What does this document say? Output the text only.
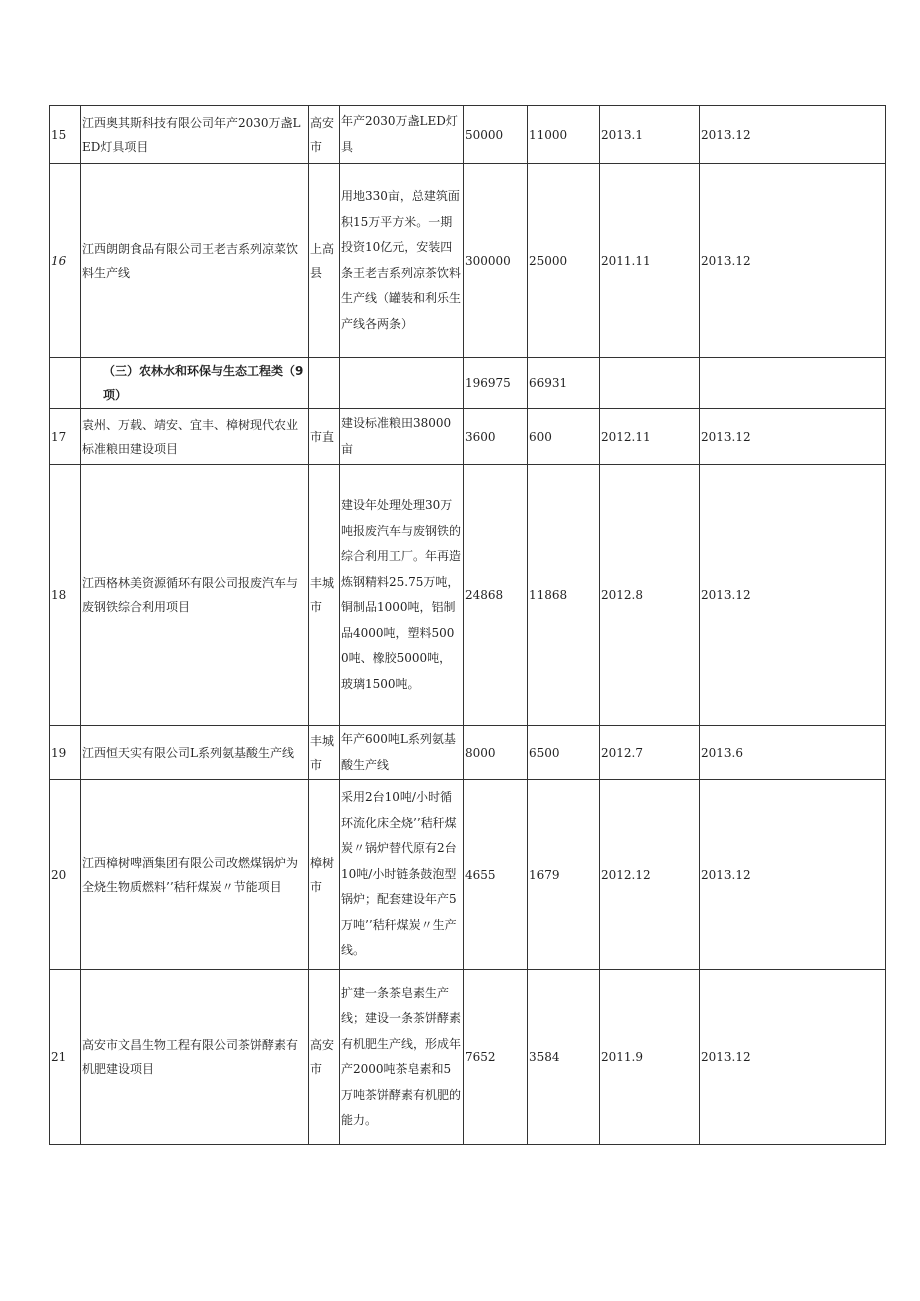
15	江西奥其斯科技有限公司年产2030万盏LED灯具项目	高安市	年产2030万盏LED灯具	50000	11000	2013.1	2013.12
16	江西朗朗食品有限公司王老吉系列凉菜饮料生产线	上高县	用地330亩，总建筑面积15万平方米。一期投资10亿元，安装四条王老吉系列凉茶饮料生产线（罐装和利乐生产线各两条）	300000	25000	2011.11	2013.12
	（三）农林水和环保与生态工程类（9项）			196975	66931		
17	袁州、万载、靖安、宜丰、樟树现代农业标准粮田建设项目	市直	建设标准粮田38000亩	3600	600	2012.11	2013.12
18	江西格林美资源循环有限公司报废汽车与废钢铁综合利用项目	丰城市	建设年处理处理30万吨报废汽车与废钢铁的综合利用工厂。年再造炼钢精料25.75万吨，铜制品1000吨，铝制品4000吨，塑料5000吨、橡胶5000吨，玻璃1500吨。	24868	11868	2012.8	2013.12
19	江西恒天实有限公司L系列氨基酸生产线	丰城市	年产600吨L系列氨基酸生产线	8000	6500	2012.7	2013.6
20	江西樟树啤酒集团有限公司改燃煤锅炉为全烧生物质燃料’’秸秆煤炭〃节能项目	樟树市	采用2台10吨/小时循环流化床全烧’’秸秆煤炭〃锅炉替代原有2台10吨/小时链条鼓泡型锅炉；配套建设年产5万吨’’秸秆煤炭〃生产线。	4655	1679	2012.12	2013.12
21	高安市文昌生物工程有限公司茶饼酵素有机肥建设项目	高安市	扩建一条茶皂素生产线；建设一条茶饼酵素有机肥生产线，形成年产2000吨茶皂素和5万吨茶饼酵素有机肥的能力。	7652	3584	2011.9	2013.12
